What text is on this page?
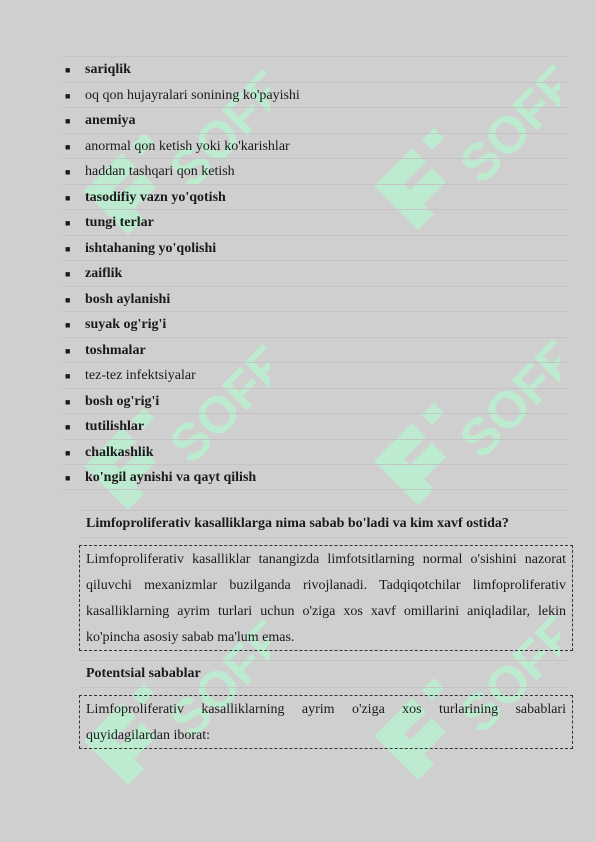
SOFF	SOFF
SOFF	SOFF
SOFF	SOFF
■ sariqlik
■ oq qon hujayralari sonining ko'payishi
■ anemiya
■ anormal qon ketish yoki ko'karishlar
■ haddan tashqari qon ketish
■ tasodifiy vazn yo'qotish
■ tungi terlar
■ ishtahaning yo'qolishi
■ zaiflik
■ bosh aylanishi
■ suyak og'rig'i
■ toshmalar
■ tez-tez infektsiyalar
■ bosh og'rig'i
■ tutilishlar
■ chalkashlik
■ ko'ngil aynishi va qayt qilish
Limfoproliferativ kasalliklarga nima sabab bo'ladi va kim xavf ostida?
Limfoproliferativ kasalliklar tanangizda limfotsitlarning normal o'sishini nazorat qiluvchi mexanizmlar buzilganda rivojlanadi. Tadqiqotchilar limfoproliferativ kasalliklarning ayrim turlari uchun o'ziga xos xavf omillarini aniqladilar, lekin ko'pincha asosiy sabab ma'lum emas.
Potentsial sabablar
Limfoproliferativ kasalliklarning ayrim o'ziga xos turlarining sabablari quyidagilardan iborat:
